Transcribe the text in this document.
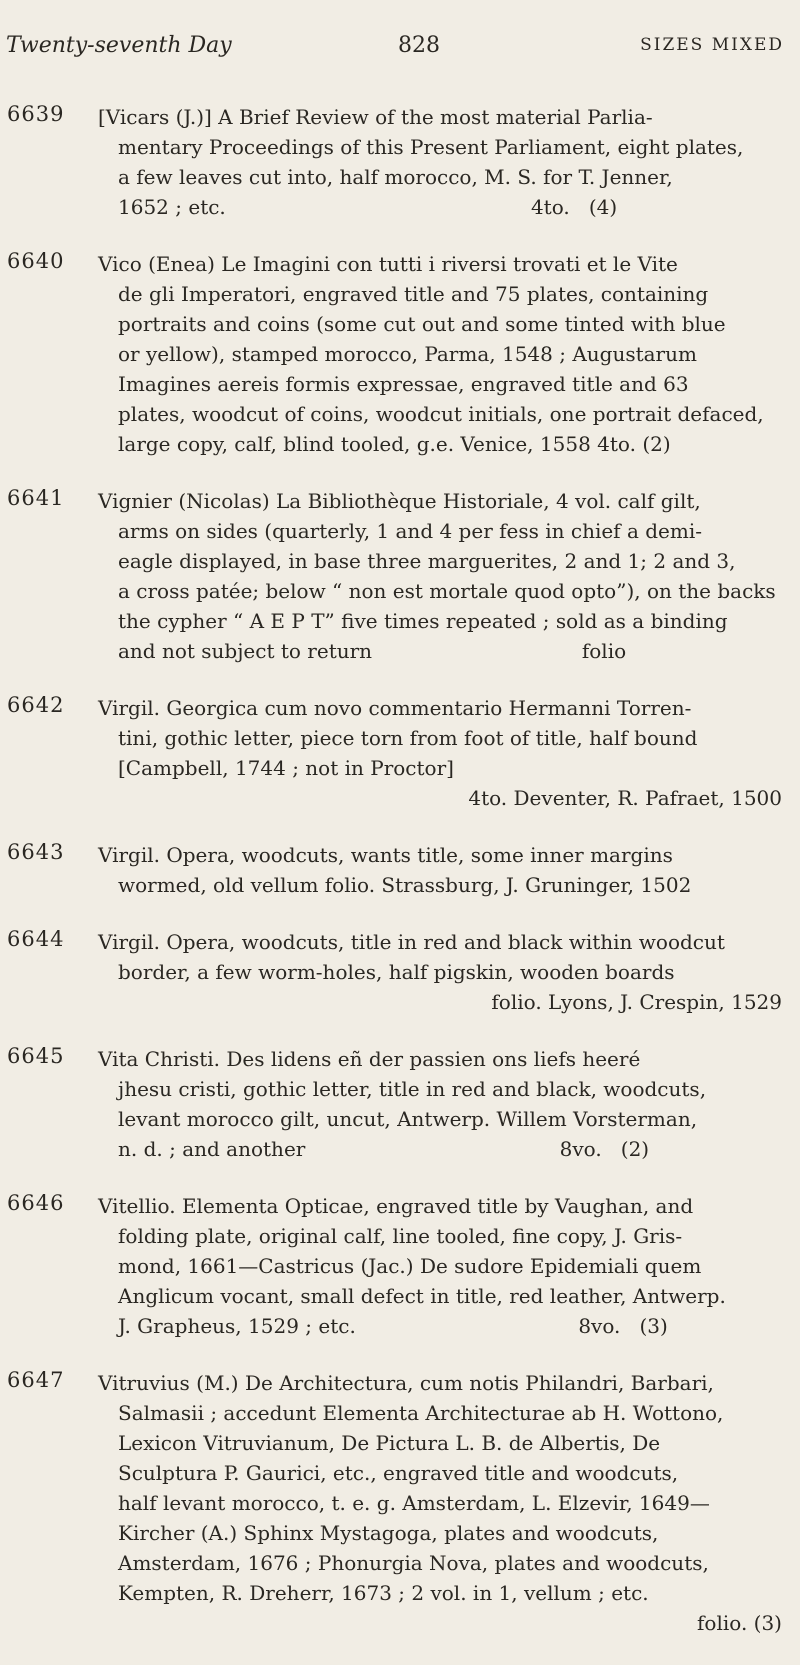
Twenty-seventh Day	828	SIZES MIXED
6639	[Vicars (J.)] A Brief Review of the most material Parlia-
mentary Proceedings of this Present Parliament, eight plates,
a few leaves cut into, half morocco, M. S. for T. Jenner,
1652 ; etc.                                                4to.   (4)
6640	Vico (Enea) Le Imagini con tutti i riversi trovati et le Vite
de gli Imperatori, engraved title and 75 plates, containing
portraits and coins (some cut out and some tinted with blue
or yellow), stamped morocco, Parma, 1548 ; Augustarum
Imagines aereis formis expressae, engraved title and 63
plates, woodcut of coins, woodcut initials, one portrait defaced,
large copy, calf, blind tooled, g.e. Venice, 1558 4to. (2)
6641	Vignier (Nicolas) La Bibliothèque Historiale, 4 vol. calf gilt,
arms on sides (quarterly, 1 and 4 per fess in chief a demi-
eagle displayed, in base three marguerites, 2 and 1; 2 and 3,
a cross patée; below “ non est mortale quod opto”), on the backs
the cypher “ A E P T” five times repeated ; sold as a binding
and not subject to return                                 folio
6642	Virgil. Georgica cum novo commentario Hermanni Torren-
tini, gothic letter, piece torn from foot of title, half bound
[Campbell, 1744 ; not in Proctor]
4to. Deventer, R. Pafraet, 1500
6643	Virgil. Opera, woodcuts, wants title, some inner margins
wormed, old vellum folio. Strassburg, J. Gruninger, 1502
6644	Virgil. Opera, woodcuts, title in red and black within woodcut
border, a few worm-holes, half pigskin, wooden boards
folio. Lyons, J. Crespin, 1529
6645	Vita Christi. Des lidens eñ der passien ons liefs heeré
jhesu cristi, gothic letter, title in red and black, woodcuts,
levant morocco gilt, uncut, Antwerp. Willem Vorsterman,
n. d. ; and another                                        8vo.   (2)
6646	Vitellio. Elementa Opticae, engraved title by Vaughan, and
folding plate, original calf, line tooled, fine copy, J. Gris-
mond, 1661—Castricus (Jac.) De sudore Epidemiali quem
Anglicum vocant, small defect in title, red leather, Antwerp.
J. Grapheus, 1529 ; etc.                                   8vo.   (3)
6647	Vitruvius (M.) De Architectura, cum notis Philandri, Barbari,
Salmasii ; accedunt Elementa Architecturae ab H. Wottono,
Lexicon Vitruvianum, De Pictura L. B. de Albertis, De
Sculptura P. Gaurici, etc., engraved title and woodcuts,
half levant morocco, t. e. g. Amsterdam, L. Elzevir, 1649—
Kircher (A.) Sphinx Mystagoga, plates and woodcuts,
Amsterdam, 1676 ; Phonurgia Nova, plates and woodcuts,
Kempten, R. Dreherr, 1673 ; 2 vol. in 1, vellum ; etc.
folio. (3)
